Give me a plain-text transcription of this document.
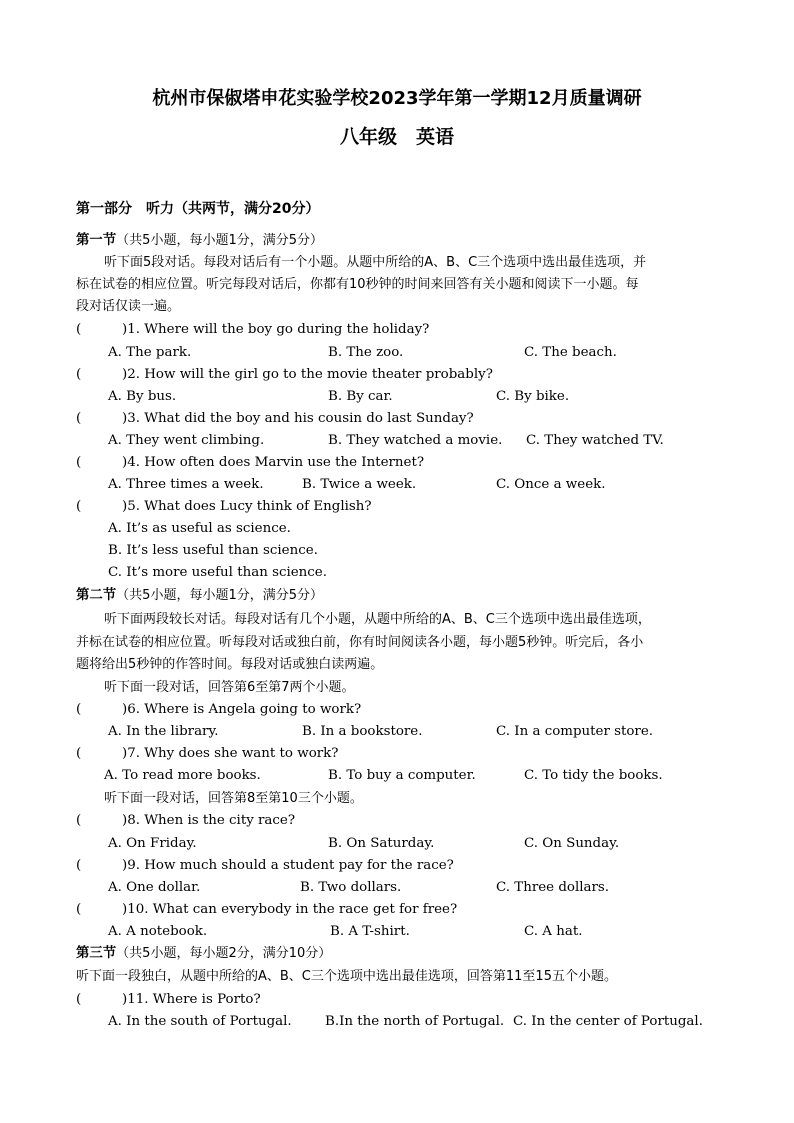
杭州市保俶塔申花实验学校2023学年第一学期12月质量调研
八年级　英语
第一部分　听力（共两节，满分20分）
第一节（共5小题，每小题1分，满分5分）
听下面5段对话。每段对话后有一个小题。从题中所给的A、B、C三个选项中选出最佳选项，并
标在试卷的相应位置。听完每段对话后，你都有10秒钟的时间来回答有关小题和阅读下一小题。每
段对话仅读一遍。
(	)1. Where will the boy go during the holiday?
A. The park.	B. The zoo.	C. The beach.
(	)2. How will the girl go to the movie theater probably?
A. By bus.	B. By car.	C. By bike.
(	)3. What did the boy and his cousin do last Sunday?
A. They went climbing.	B. They watched a movie. C. They watched TV.
(	)4. How often does Marvin use the Internet?
A. Three times a week.	B. Twice a week.	C. Once a week.
(	)5. What does Lucy think of English?
A. It’s as useful as science.
B. It’s less useful than science.
C. It’s more useful than science.
第二节（共5小题，每小题1分，满分5分）
听下面两段较长对话。每段对话有几个小题，从题中所给的A、B、C三个选项中选出最佳选项，
并标在试卷的相应位置。听每段对话或独白前，你有时间阅读各小题，每小题5秒钟。听完后，各小
题将给出5秒钟的作答时间。每段对话或独白读两遍。
听下面一段对话，回答第6至第7两个小题。
(	)6. Where is Angela going to work?
A. In the library.	B. In a bookstore.	C. In a computer store.
(	)7. Why does she want to work?
A. To read more books.	B. To buy a computer.	C. To tidy the books.
听下面一段对话，回答第8至第10三个小题。
(	)8. When is the city race?
A. On Friday.	B. On Saturday.	C. On Sunday.
(	)9. How much should a student pay for the race?
A. One dollar.	B. Two dollars.	C. Three dollars.
(	)10. What can everybody in the race get for free?
A. A notebook.	B. A T-shirt.	C. A hat.
第三节（共5小题，每小题2分，满分10分）
听下面一段独白，从题中所给的A、B、C三个选项中选出最佳选项，回答第11至15五个小题。
(	)11. Where is Porto?
A. In the south of Portugal. B.In the north of Portugal. C. In the center of Portugal.
